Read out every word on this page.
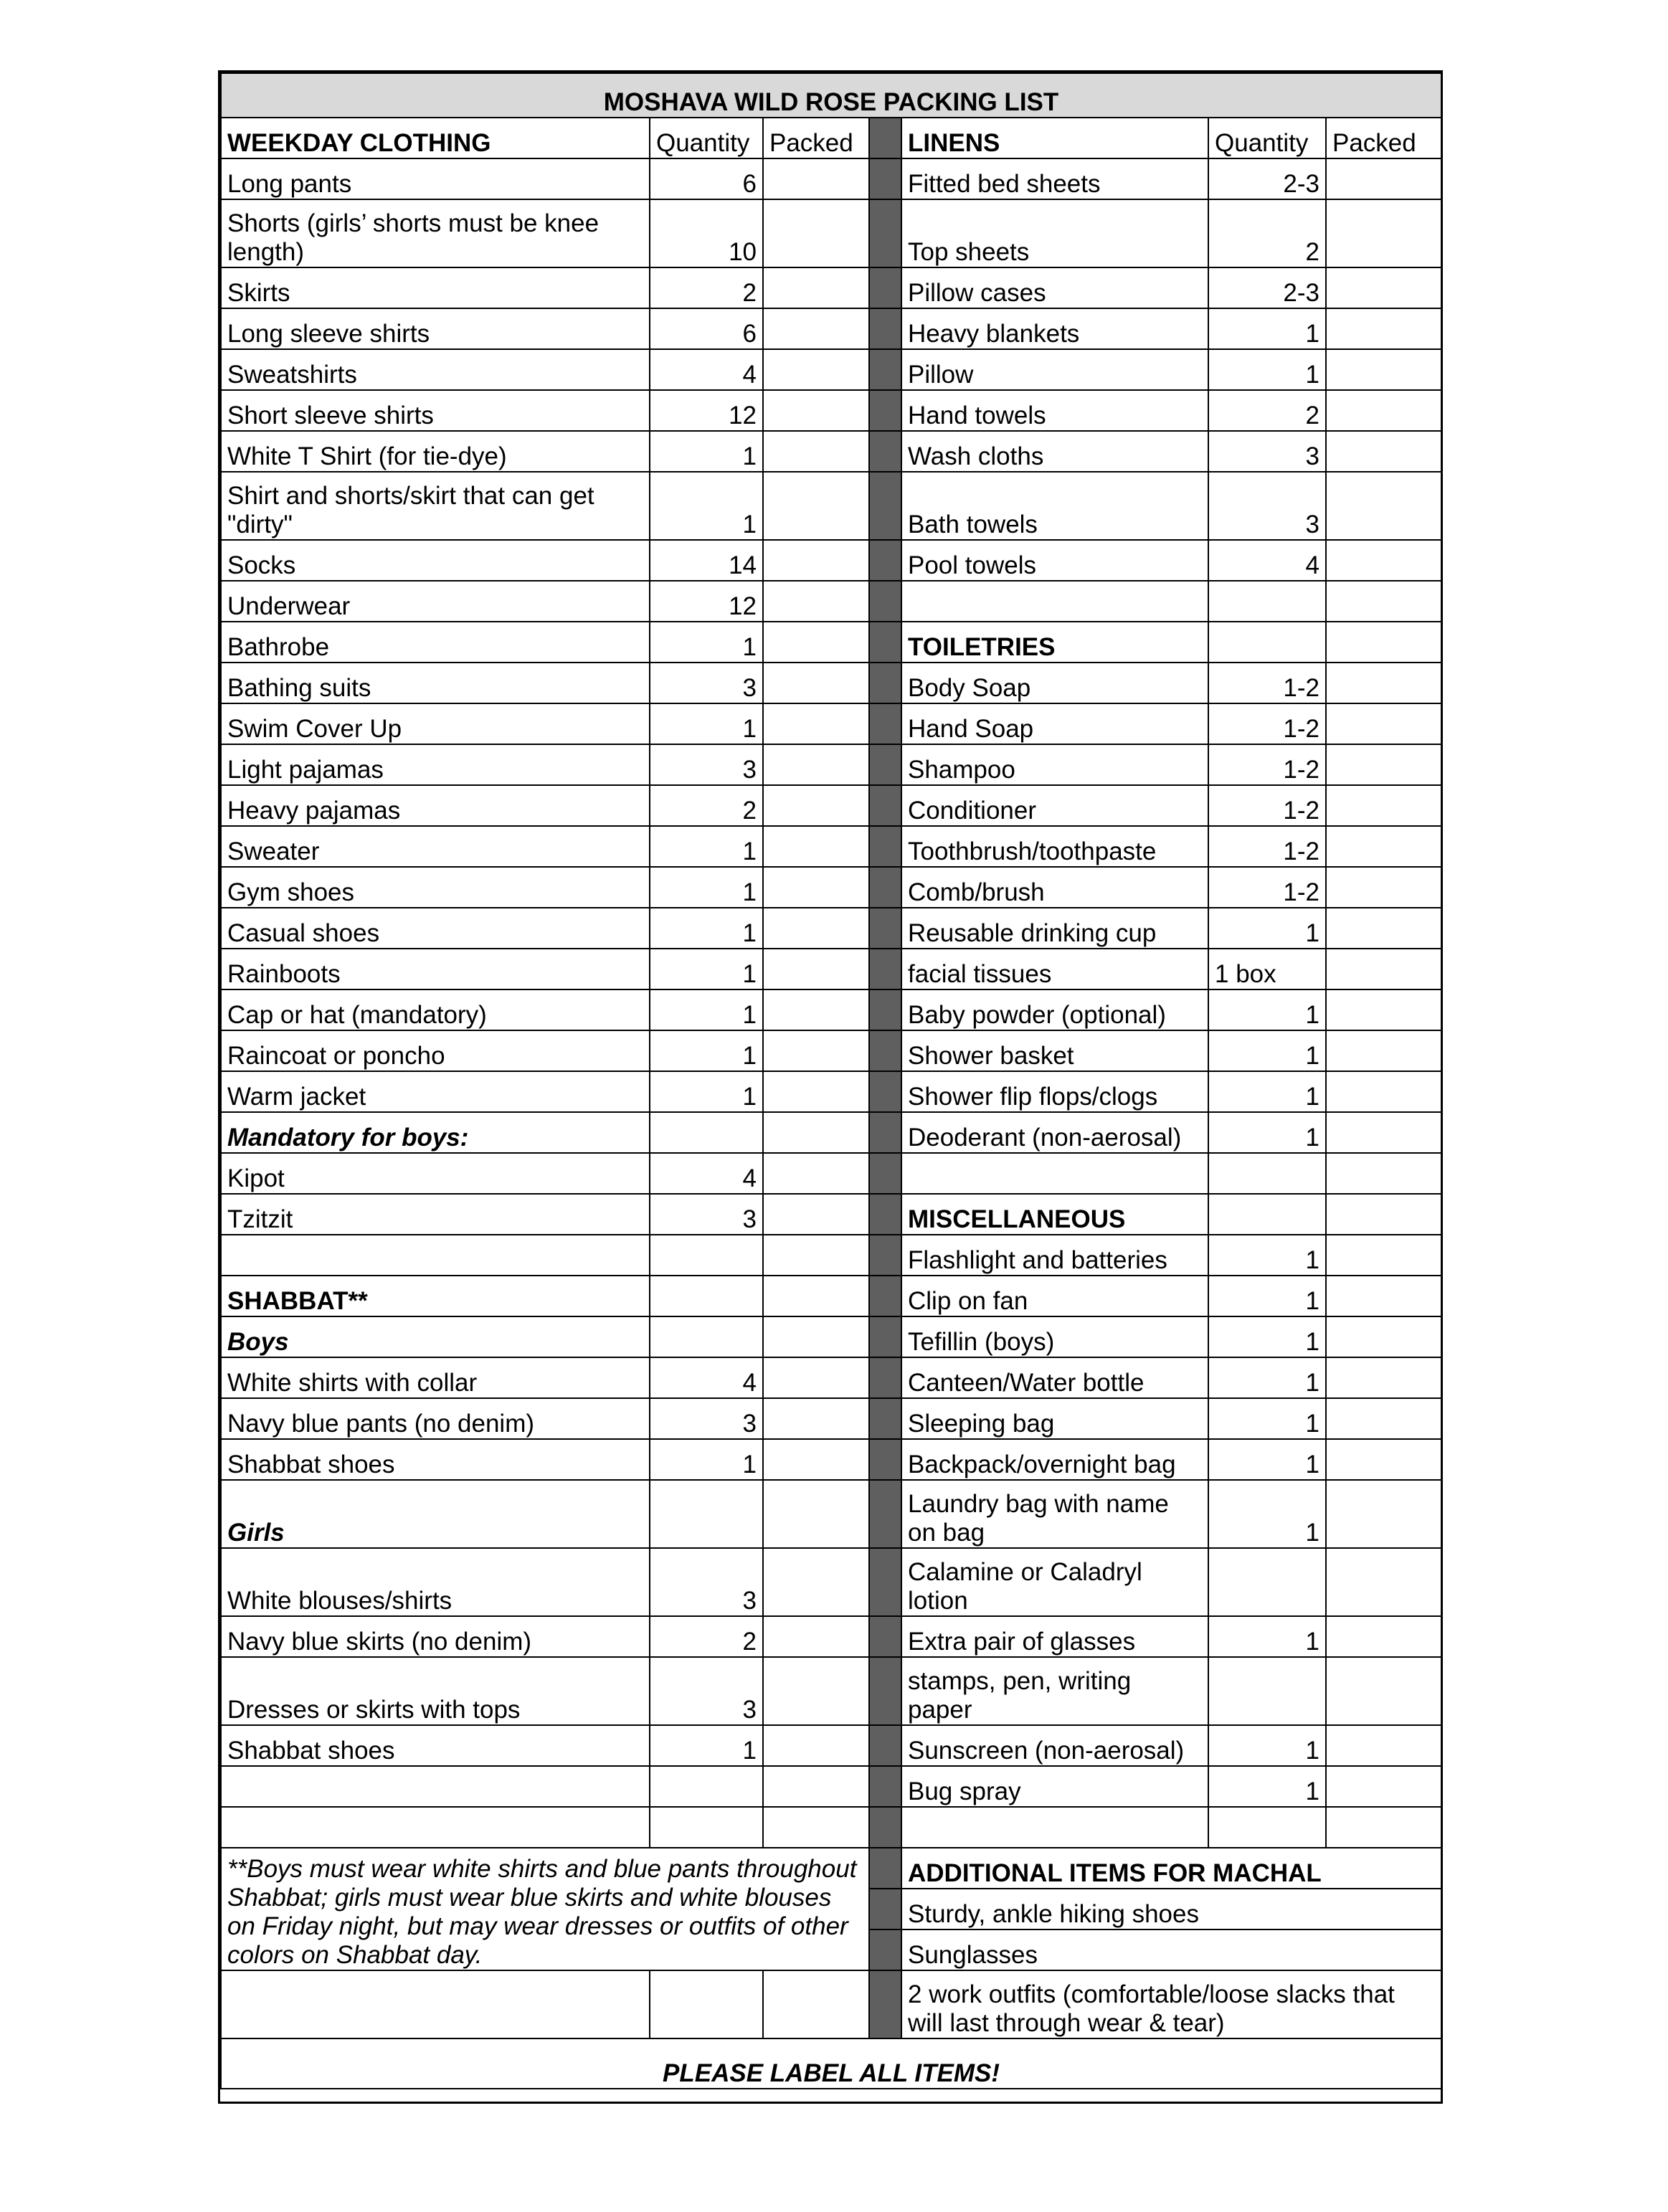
MOSHAVA WILD ROSE PACKING LIST						
WEEKDAY CLOTHING	Quantity	Packed		LINENS	Quantity	Packed
Long pants	6			Fitted bed sheets	2-3	
Shorts (girls’ shorts must be knee length)	10			Top sheets	2	
Skirts	2			Pillow cases	2-3	
Long sleeve shirts	6			Heavy blankets	1	
Sweatshirts	4			Pillow	1	
Short sleeve shirts	12			Hand towels	2	
White T Shirt (for tie-dye)	1			Wash cloths	3	
Shirt and shorts/skirt that can get "dirty"	1			Bath towels	3	
Socks	14			Pool towels	4	
Underwear	12					
Bathrobe	1			TOILETRIES		
Bathing suits	3			Body Soap	1-2	
Swim Cover Up	1			Hand Soap	1-2	
Light pajamas	3			Shampoo	1-2	
Heavy pajamas	2			Conditioner	1-2	
Sweater	1			Toothbrush/toothpaste	1-2	
Gym shoes	1			Comb/brush	1-2	
Casual shoes	1			Reusable drinking cup	1	
Rainboots	1			facial tissues	1 box	
Cap or hat (mandatory)	1			Baby powder (optional)	1	
Raincoat or poncho	1			Shower basket	1	
Warm jacket	1			Shower flip flops/clogs	1	
Mandatory for boys:				Deoderant (non-aerosal)	1	
Kipot	4					
Tzitzit	3			MISCELLANEOUS		
				Flashlight and batteries	1	
SHABBAT**				Clip on fan	1	
Boys				Tefillin (boys)	1	
White shirts with collar	4			Canteen/Water bottle	1	
Navy blue pants (no denim)	3			Sleeping bag	1	
Shabbat shoes	1			Backpack/overnight bag	1	
Girls				Laundry bag with name on bag	1	
White blouses/shirts	3			Calamine or Caladryl lotion		
Navy blue skirts (no denim)	2			Extra pair of glasses	1	
Dresses or skirts with tops	3			stamps, pen, writing paper		
Shabbat shoes	1			Sunscreen (non-aerosal)	1	
				Bug spray	1	

**Boys must wear white shirts and blue pants throughout Shabbat; girls must wear blue skirts and white blouses on Friday night, but may wear dresses or outfits of other colors on Shabbat day.				ADDITIONAL ITEMS FOR MACHAL		
				Sturdy, ankle hiking shoes		
				Sunglasses		
				2 work outfits (comfortable/loose slacks that will last through wear & tear)		
PLEASE LABEL ALL ITEMS!						
